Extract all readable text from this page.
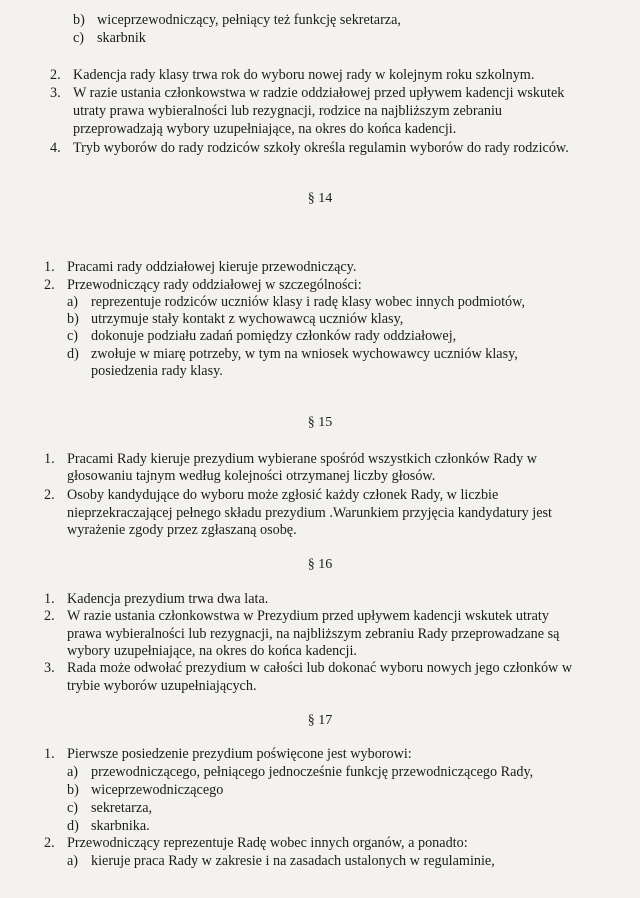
b) wiceprzewodniczący, pełniący też funkcję sekretarza,
c) skarbnik
2. Kadencja rady klasy trwa rok do wyboru nowej rady w kolejnym roku szkolnym.
3. W razie ustania członkowstwa w radzie oddziałowej przed upływem kadencji wskutek
utraty prawa wybieralności lub rezygnacji, rodzice na najbliższym zebraniu
przeprowadzają wybory uzupełniające, na okres do końca kadencji.
4. Tryb wyborów do rady rodziców szkoły określa regulamin wyborów do rady rodziców.
§ 14
1. Pracami rady oddziałowej kieruje przewodniczący.
2. Przewodniczący rady oddziałowej w szczególności:
a) reprezentuje rodziców uczniów klasy i radę klasy wobec innych podmiotów,
b) utrzymuje stały kontakt z wychowawcą uczniów klasy,
c) dokonuje podziału zadań pomiędzy członków rady oddziałowej,
d) zwołuje w miarę potrzeby, w tym na wniosek wychowawcy uczniów klasy,
posiedzenia rady klasy.
§ 15
1. Pracami Rady kieruje prezydium wybierane spośród wszystkich członków Rady w
głosowaniu tajnym według kolejności otrzymanej liczby głosów.
2. Osoby kandydujące do wyboru może zgłosić każdy członek Rady, w liczbie
nieprzekraczającej pełnego składu prezydium .Warunkiem przyjęcia kandydatury jest
wyrażenie zgody przez zgłaszaną osobę.
§ 16
1. Kadencja prezydium trwa dwa lata.
2. W razie ustania członkowstwa w Prezydium przed upływem kadencji wskutek utraty
prawa wybieralności lub rezygnacji, na najbliższym zebraniu Rady przeprowadzane są
wybory uzupełniające, na okres do końca kadencji.
3. Rada może odwołać prezydium w całości lub dokonać wyboru nowych jego członków w
trybie wyborów uzupełniających.
§ 17
1. Pierwsze posiedzenie prezydium poświęcone jest wyborowi:
a) przewodniczącego, pełniącego jednocześnie funkcję przewodniczącego Rady,
b) wiceprzewodniczącego
c) sekretarza,
d) skarbnika.
2. Przewodniczący reprezentuje Radę wobec innych organów, a ponadto:
a) kieruje praca Rady w zakresie i na zasadach ustalonych w regulaminie,
